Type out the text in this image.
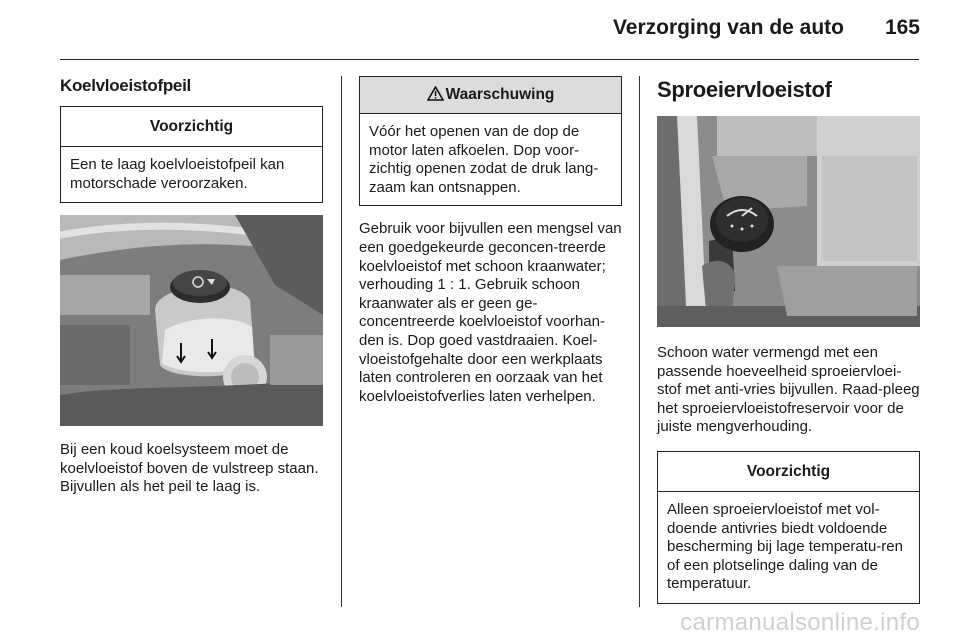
Verzorging van de auto	165
Koelvloeistofpeil
Voorzichtig
Een te laag koelvloeistofpeil kan motorschade veroorzaken.

Bij een koud koelsysteem moet de koelvloeistof boven de vulstreep staan. Bijvullen als het peil te laag is.

Waarschuwing
Vóór het openen van de dop de motor laten afkoelen. Dop voor-zichtig openen zodat de druk lang-zaam kan ontsnappen.

Gebruik voor bijvullen een mengsel van een goedgekeurde geconcen-treerde koelvloeistof met schoon kraanwater; verhouding 1 : 1. Gebruik schoon kraanwater als er geen ge-concentreerde koelvloeistof voorhan-den is. Dop goed vastdraaien. Koel-vloeistofgehalte door een werkplaats laten controleren en oorzaak van het koelvloeistofverlies laten verhelpen.

Sproeiervloeistof

Schoon water vermengd met een passende hoeveelheid sproeiervloei-stof met anti-vries bijvullen. Raad-pleeg het sproeiervloeistofreservoir voor de juiste mengverhouding.

Voorzichtig
Alleen sproeiervloeistof met vol-doende antivries biedt voldoende bescherming bij lage temperatu-ren of een plotselinge daling van de temperatuur.
carmanualsonline.info
